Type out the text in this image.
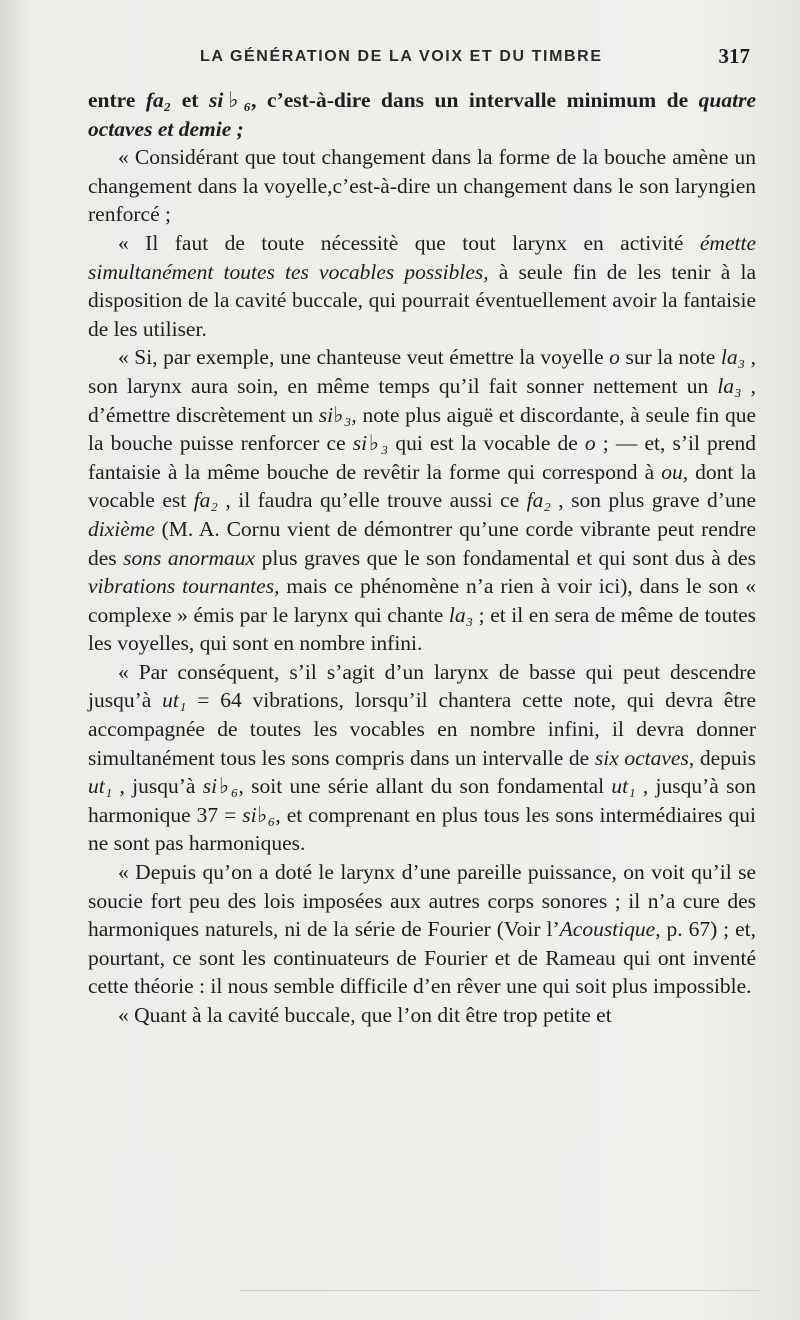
LA GÉNÉRATION DE LA VOIX ET DU TIMBRE	317

entre fa₂ et si♭₆, c’est-à-dire dans un intervalle minimum de quatre octaves et demie ;

« Considérant que tout changement dans la forme de la bouche amène un changement dans la voyelle,c’est-à-dire un changement dans le son laryngien renforcé ;

« Il faut de toute nécessitè que tout larynx en activité émette simultanément toutes tes vocables possibles, à seule fin de les tenir à la disposition de la cavité buccale, qui pourrait éventuellement avoir la fantaisie de les utiliser.

« Si, par exemple, une chanteuse veut émettre la voyelle o sur la note la₃ , son larynx aura soin, en même temps qu’il fait sonner nettement un la₃ , d’émettre discrètement un si♭₃, note plus aiguë et discordante, à seule fin que la bouche puisse renforcer ce si♭₃ qui est la vocable de o ; — et, s’il prend fantaisie à la même bouche de revêtir la forme qui correspond à ou, dont la vocable est fa₂ , il faudra qu’elle trouve aussi ce fa₂ , son plus grave d’une dixième (M. A. Cornu vient de démontrer qu’une corde vibrante peut rendre des sons anormaux plus graves que le son fondamental et qui sont dus à des vibrations tournantes, mais ce phénomène n’a rien à voir ici), dans le son « complexe » émis par le larynx qui chante la₃ ; et il en sera de même de toutes les voyelles, qui sont en nombre infini.

« Par conséquent, s’il s’agit d’un larynx de basse qui peut descendre jusqu’à ut₁ = 64 vibrations, lorsqu’il chantera cette note, qui devra être accompagnée de toutes les vocables en nombre infini, il devra donner simultanément tous les sons compris dans un intervalle de six octaves, depuis ut₁ , jusqu’à si♭₆, soit une série allant du son fondamental ut₁ , jusqu’à son harmonique 37 = si♭₆, et comprenant en plus tous les sons intermédiaires qui ne sont pas harmoniques.

« Depuis qu’on a doté le larynx d’une pareille puissance, on voit qu’il se soucie fort peu des lois imposées aux autres corps sonores ; il n’a cure des harmoniques naturels, ni de la série de Fourier (Voir l’Acoustique, p. 67) ; et, pourtant, ce sont les continuateurs de Fourier et de Rameau qui ont inventé cette théorie : il nous semble difficile d’en rêver une qui soit plus impossible.

« Quant à la cavité buccale, que l’on dit être trop petite et
